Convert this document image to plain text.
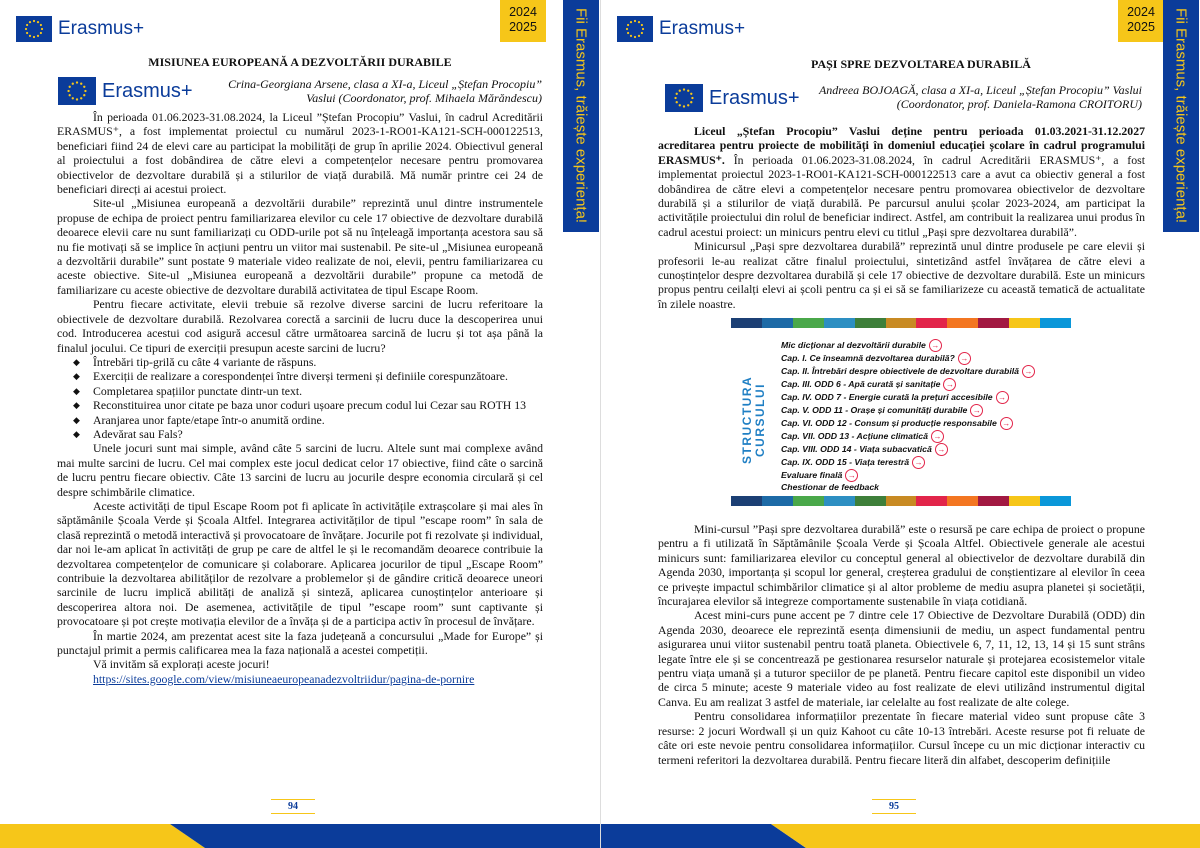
Erasmus+
2024
2025	Fii Erasmus, trăiește experiența!
MISIUNEA EUROPEANĂ A DEZVOLTĂRII DURABILE
Erasmus+	Crina-Georgiana Arsene, clasa a XI-a, Liceul „Ștefan Procopiu”
Vaslui (Coordonator, prof. Mihaela Mărăndescu)

În perioada 01.06.2023-31.08.2024, la Liceul ”Ștefan Procopiu” Vaslui, în cadrul Acreditării ERASMUS⁺, a fost implementat proiectul cu numărul 2023-1-RO01-KA121-SCH-000122513, beneficiari fiind 24 de elevi care au participat la mobilități de grup în aprilie 2024. Obiectivul general al proiectului a fost dobândirea de către elevi a competențelor necesare pentru promovarea obiectivelor de dezvoltare durabilă și a stilurilor de viață durabilă. Mă număr printre cei 24 de beneficiari direcți ai acestui proiect.

Site-ul „Misiunea europeană a dezvoltării durabile” reprezintă unul dintre instrumentele propuse de echipa de proiect pentru familiarizarea elevilor cu cele 17 obiective de dezvoltare durabilă deoarece elevii care nu sunt familiarizați cu ODD-urile pot să nu înțeleagă importanța acestora sau să nu fie motivați să se implice în acțiuni pentru un viitor mai sustenabil. Pe site-ul „Misiunea europeană a dezvoltării durabile” sunt postate 9 materiale video realizate de noi, elevii, pentru familiarizarea cu aceste obiective. Site-ul „Misiunea europeană a dezvoltării durabile” propune ca metodă de familiarizare cu aceste obiective de dezvoltare durabilă activitatea de tipul Escape Room.

Pentru fiecare activitate, elevii trebuie să rezolve diverse sarcini de lucru referitoare la obiectivele de dezvoltare durabilă. Rezolvarea corectă a sarcinii de lucru duce la descoperirea unui cod. Introducerea acestui cod asigură accesul către următoarea sarcină de lucru și tot așa până la finalul jocului. Ce tipuri de exerciții presupun aceste sarcini de lucru?

◆ Întrebări tip-grilă cu câte 4 variante de răspuns.
◆ Exerciții de realizare a corespondenței între diverși termeni și definiile corespunzătoare.
◆ Completarea spațiilor punctate dintr-un text.
◆ Reconstituirea unor citate pe baza unor coduri ușoare precum codul lui Cezar sau ROTH 13
◆ Aranjarea unor fapte/etape într-o anumită ordine.
◆ Adevărat sau Fals?

Unele jocuri sunt mai simple, având câte 5 sarcini de lucru. Altele sunt mai complexe având mai multe sarcini de lucru. Cel mai complex este jocul dedicat celor 17 obiective, fiind câte o sarcină de lucru pentru fiecare obiectiv. Câte 13 sarcini de lucru au jocurile despre economia circulară și cel despre schimbările climatice.

Aceste activități de tipul Escape Room pot fi aplicate în activitățile extrașcolare și mai ales în săptămânile Școala Verde și Școala Altfel. Integrarea activităților de tipul ”escape room” în sala de clasă reprezintă o metodă interactivă și provocatoare de învățare. Jocurile pot fi rezolvate și individual, dar noi le-am aplicat în activități de grup pe care de altfel le și le recomandăm deoarece contribuie la dezvoltarea competențelor de comunicare și colaborare. Aplicarea jocurilor de tipul „Escape Room” contribuie la dezvoltarea abilităților de rezolvare a problemelor și de gândire critică deoarece uneori sarcinile de lucru implică abilități de analiză și sinteză, aplicarea cunoștințelor anterioare și descoperirea altora noi. De asemenea, activitățile de tipul ”escape room” sunt captivante și provocatoare și pot crește motivația elevilor de a învăța și de a participa activ în procesul de învățare.

În martie 2024, am prezentat acest site la faza județeană a concursului „Made for Europe” și punctajul primit a permis calificarea mea la faza națională a acestei competiții.

Vă invităm să explorați aceste jocuri!

https://sites.google.com/view/misiuneaeuropeanadezvoltriidur/pagina-de-pornire

94
Erasmus+
2024
2025	Fii Erasmus, trăiește experiența!
PAȘI SPRE DEZVOLTAREA DURABILĂ
Erasmus+	Andreea BOJOAGĂ, clasa a XI-a, Liceul „Ștefan Procopiu” Vaslui
(Coordonator, prof. Daniela-Ramona CROITORU)

Liceul „Ștefan Procopiu” Vaslui deține pentru perioada 01.03.2021-31.12.2027 acreditarea pentru proiecte de mobilități în domeniul educației școlare în cadrul programului ERASMUS⁺. În perioada 01.06.2023-31.08.2024, în cadrul Acreditării ERASMUS⁺, a fost implementat proiectul 2023-1-RO01-KA121-SCH-000122513 care a avut ca obiectiv general a fost dobândirea de către elevi a competențelor necesare pentru promovarea obiectivelor de dezvoltare durabilă și a stilurilor de viață durabilă. Pe parcursul anului școlar 2023-2024, am participat la activitățile proiectului din rolul de beneficiar indirect. Astfel, am contribuit la realizarea unui produs în cadrul acestui proiect: un minicurs pentru elevi cu titlul „Pași spre dezvoltarea durabilă”.

Minicursul „Pași spre dezvoltarea durabilă” reprezintă unul dintre produsele pe care elevii și profesorii le-au realizat către finalul proiectului, sintetizând astfel învățarea de către elevi a cunoștințelor despre dezvoltarea durabilă și cele 17 obiective de dezvoltare durabilă. Este un minicurs propus pentru ceilalți elevi ai școli pentru ca și ei să se familiarizeze cu această tematică de actualitate în zilele noastre.

STRUCTURA CURSULUI
Mic dicționar al dezvoltării durabile →
Cap. I. Ce înseamnă dezvoltarea durabilă? →
Cap. II. Întrebări despre obiectivele de dezvoltare durabilă →
Cap. III. ODD 6 - Apă curată și sanitație →
Cap. IV. ODD 7 - Energie curată la prețuri accesibile →
Cap. V. ODD 11 - Orașe și comunități durabile →
Cap. VI. ODD 12 - Consum și producție responsabile →
Cap. VII. ODD 13 - Acțiune climatică →
Cap. VIII. ODD 14 - Viața subacvatică →
Cap. IX. ODD 15 - Viața terestră →
Evaluare finală →
Chestionar de feedback

Mini-cursul ”Pași spre dezvoltarea durabilă” este o resursă pe care echipa de proiect o propune pentru a fi utilizată în Săptămânile Școala Verde și Școala Altfel. Obiectivele generale ale acestui minicurs sunt: familiarizarea elevilor cu conceptul general al obiectivelor de dezvoltare durabilă din Agenda 2030, importanța și scopul lor general, creșterea gradului de conștientizare al elevilor în ceea ce privește impactul schimbărilor climatice și al altor probleme de mediu asupra planetei și societății, încurajarea elevilor să integreze comportamente sustenabile în viața cotidiană.

Acest mini-curs pune accent pe 7 dintre cele 17 Obiective de Dezvoltare Durabilă (ODD) din Agenda 2030, deoarece ele reprezintă esența dimensiunii de mediu, un aspect fundamental pentru asigurarea unui viitor sustenabil pentru toată planeta. Obiectivele 6, 7, 11, 12, 13, 14 și 15 sunt strâns legate între ele și se concentrează pe gestionarea resurselor naturale și protejarea ecosistemelor vitale pentru viața umană și a tuturor speciilor de pe planetă. Pentru fiecare capitol este disponibil un video de circa 5 minute; aceste 9 materiale video au fost realizate de elevi utilizând instrumentul digital Canva. Eu am realizat 3 astfel de materiale, iar celelalte au fost realizate de alte colege.

Pentru consolidarea informațiilor prezentate în fiecare material video sunt propuse câte 3 resurse: 2 jocuri Wordwall și un quiz Kahoot cu câte 10-13 întrebări. Aceste resurse pot fi reluate de câte ori este nevoie pentru consolidarea informațiilor. Cursul începe cu un mic dicționar interactiv cu termeni referitori la dezvoltarea durabilă. Pentru fiecare literă din alfabet, descoperim definițiile

95
